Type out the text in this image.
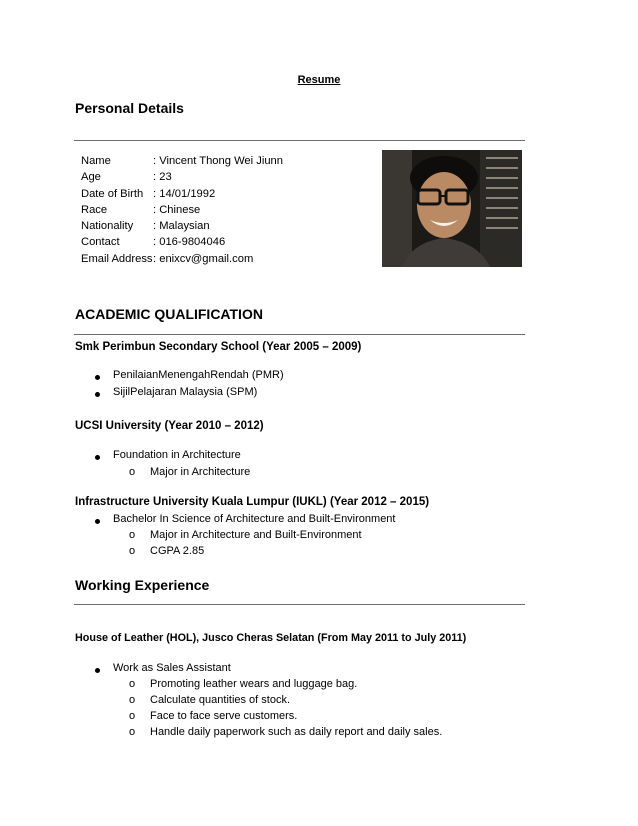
Resume
Personal Details
Name	: Vincent Thong Wei Jiunn
Age	: 23
Date of Birth : 14/01/1992
Race	: Chinese
Nationality	: Malaysian
Contact	: 016-9804046
Email Address : enixcv@gmail.com
ACADEMIC QUALIFICATION
Smk Perimbun Secondary School (Year 2005 – 2009)
PenilaianMenengahRendah (PMR)
SijilPelajaran Malaysia (SPM)
UCSI University (Year 2010 – 2012)
Foundation in Architecture
o Major in Architecture
Infrastructure University Kuala Lumpur (IUKL) (Year 2012 – 2015)
Bachelor In Science of Architecture and Built-Environment
o Major in Architecture and Built-Environment
o CGPA 2.85
Working Experience
House of Leather (HOL), Jusco Cheras Selatan (From May 2011 to July 2011)
Work as Sales Assistant
o Promoting leather wears and luggage bag.
o Calculate quantities of stock.
o Face to face serve customers.
o Handle daily paperwork such as daily report and daily sales.
